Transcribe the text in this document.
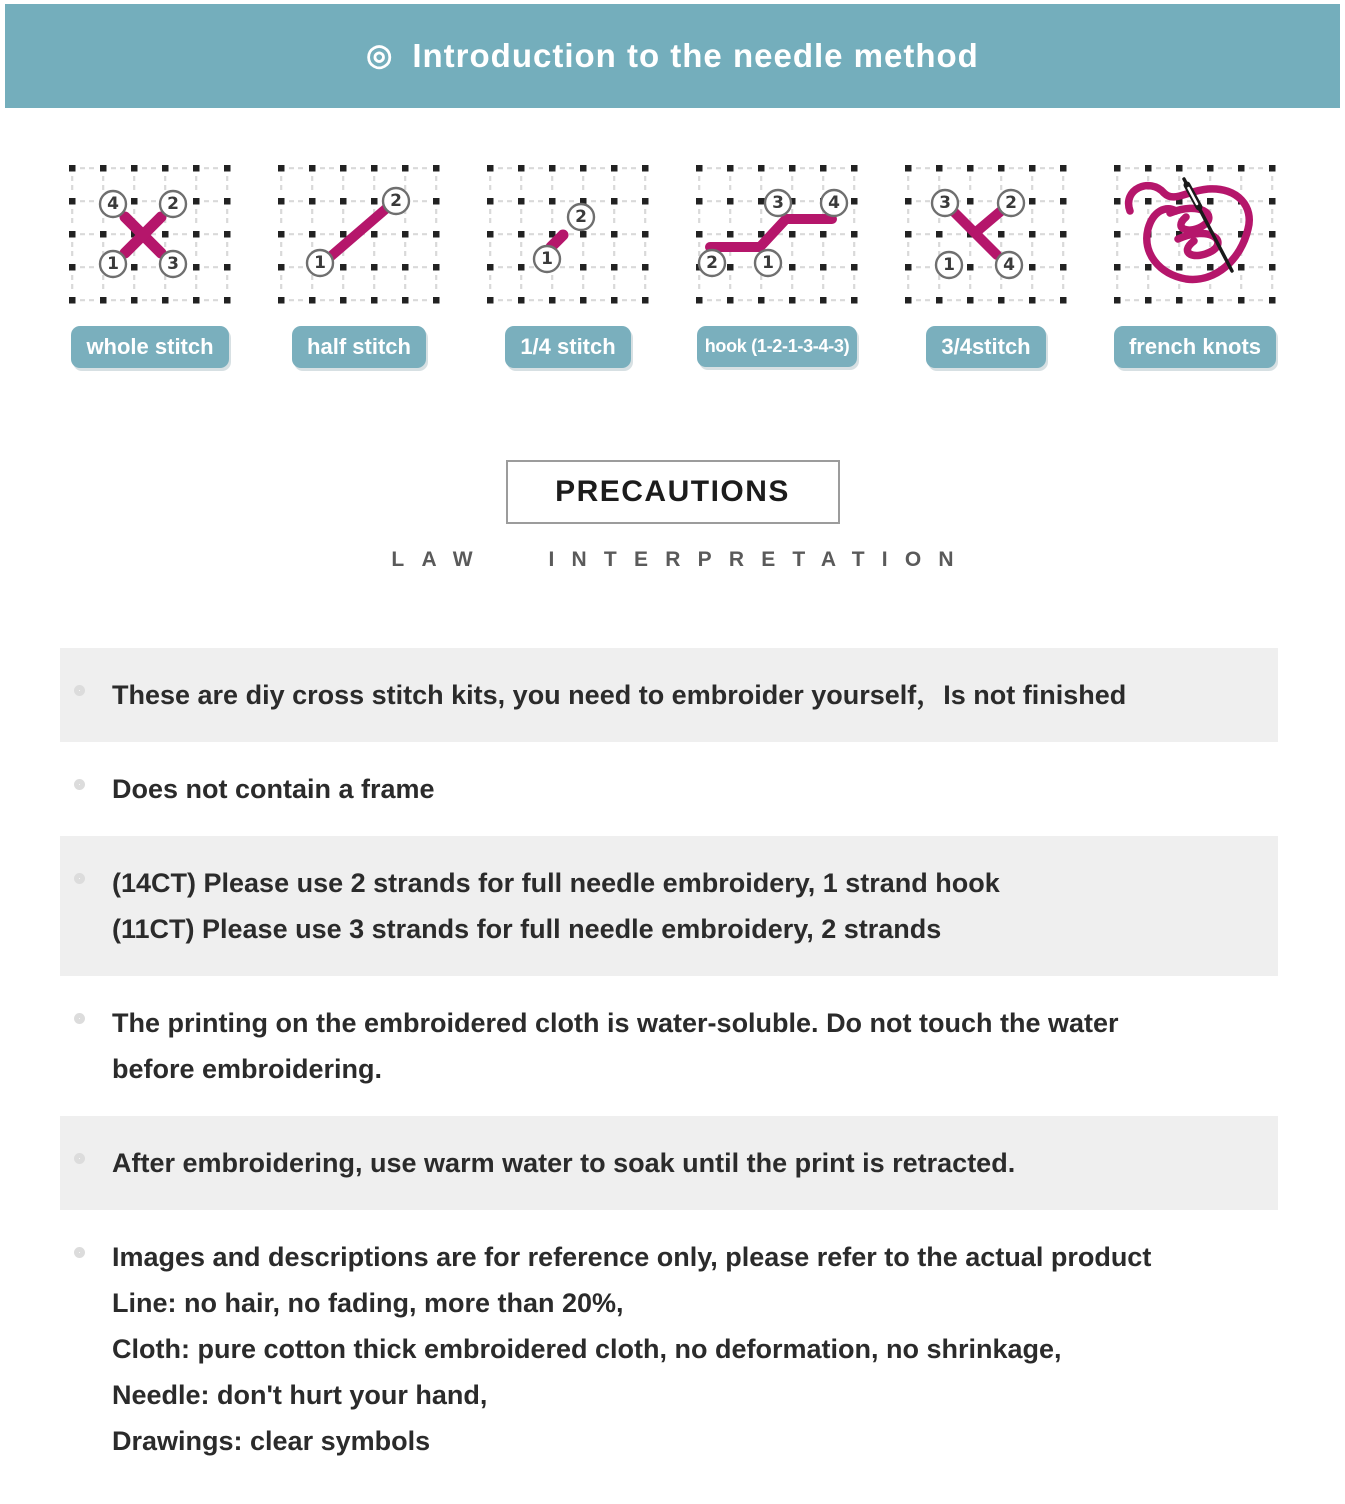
◎ Introduction to the needle method
4	2
1	3
whole stitch
1
2
half stitch
2
1
1/4 stitch
3	4
2	1
hook (1-2-1-3-4-3)
3	2
1	4
3/4stitch	french knots
PRECAUTIONS
LAW INTERPRETATION
These are diy cross stitch kits, you need to embroider yourself，Is not finished
Does not contain a frame
(14CT) Please use 2 strands for full needle embroidery, 1 strand hook
(11CT) Please use 3 strands for full needle embroidery, 2 strands
The printing on the embroidered cloth is water-soluble. Do not touch the water
before embroidering.
After embroidering, use warm water to soak until the print is retracted.
Images and descriptions are for reference only, please refer to the actual product
Line: no hair, no fading, more than 20%,
Cloth: pure cotton thick embroidered cloth, no deformation, no shrinkage,
Needle: don't hurt your hand,
Drawings: clear symbols
